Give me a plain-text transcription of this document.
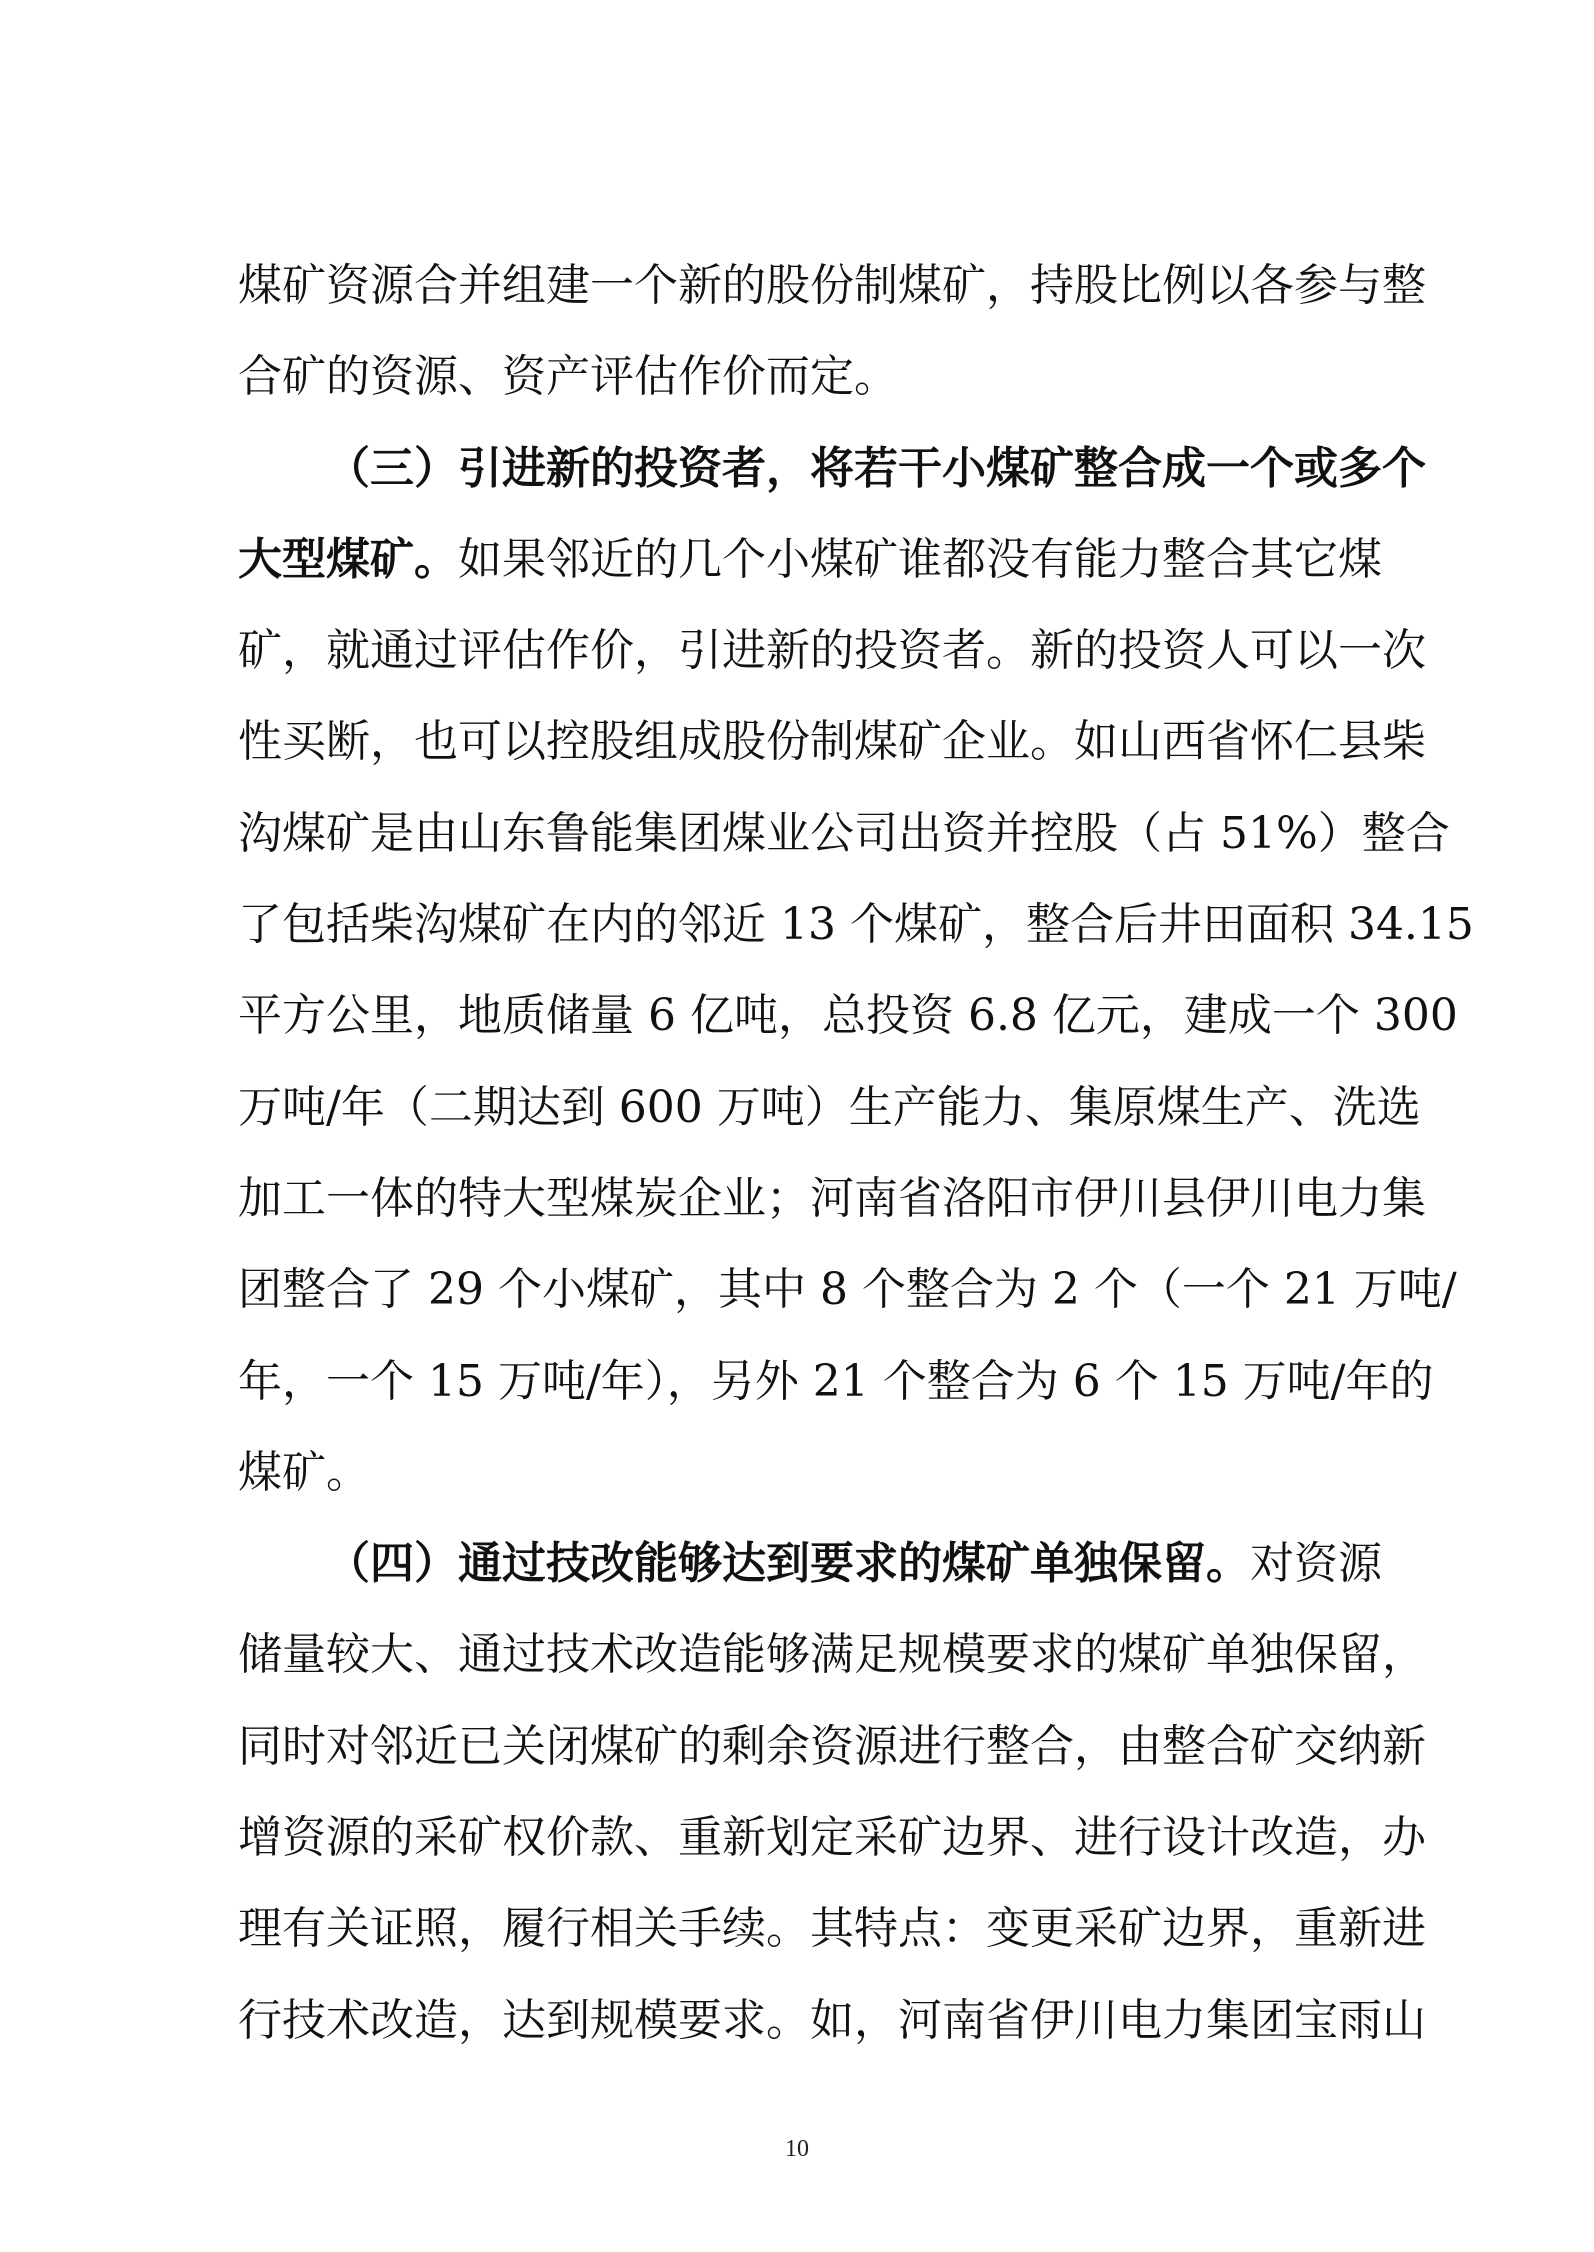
煤矿资源合并组建一个新的股份制煤矿，持股比例以各参与整
合矿的资源、资产评估作价而定。
（三）引进新的投资者，将若干小煤矿整合成一个或多个
大型煤矿。如果邻近的几个小煤矿谁都没有能力整合其它煤
矿，就通过评估作价，引进新的投资者。新的投资人可以一次
性买断，也可以控股组成股份制煤矿企业。如山西省怀仁县柴
沟煤矿是由山东鲁能集团煤业公司出资并控股（占 51%）整合
了包括柴沟煤矿在内的邻近 13 个煤矿，整合后井田面积 34.15
平方公里，地质储量 6 亿吨，总投资 6.8 亿元，建成一个 300
万吨/年（二期达到 600 万吨）生产能力、集原煤生产、洗选
加工一体的特大型煤炭企业；河南省洛阳市伊川县伊川电力集
团整合了 29 个小煤矿，其中 8 个整合为 2 个（一个 21 万吨/
年，一个 15 万吨/年），另外 21 个整合为 6 个 15 万吨/年的
煤矿。
（四）通过技改能够达到要求的煤矿单独保留。对资源
储量较大、通过技术改造能够满足规模要求的煤矿单独保留，
同时对邻近已关闭煤矿的剩余资源进行整合，由整合矿交纳新
增资源的采矿权价款、重新划定采矿边界、进行设计改造，办
理有关证照，履行相关手续。其特点：变更采矿边界，重新进
行技术改造，达到规模要求。如，河南省伊川电力集团宝雨山
10
